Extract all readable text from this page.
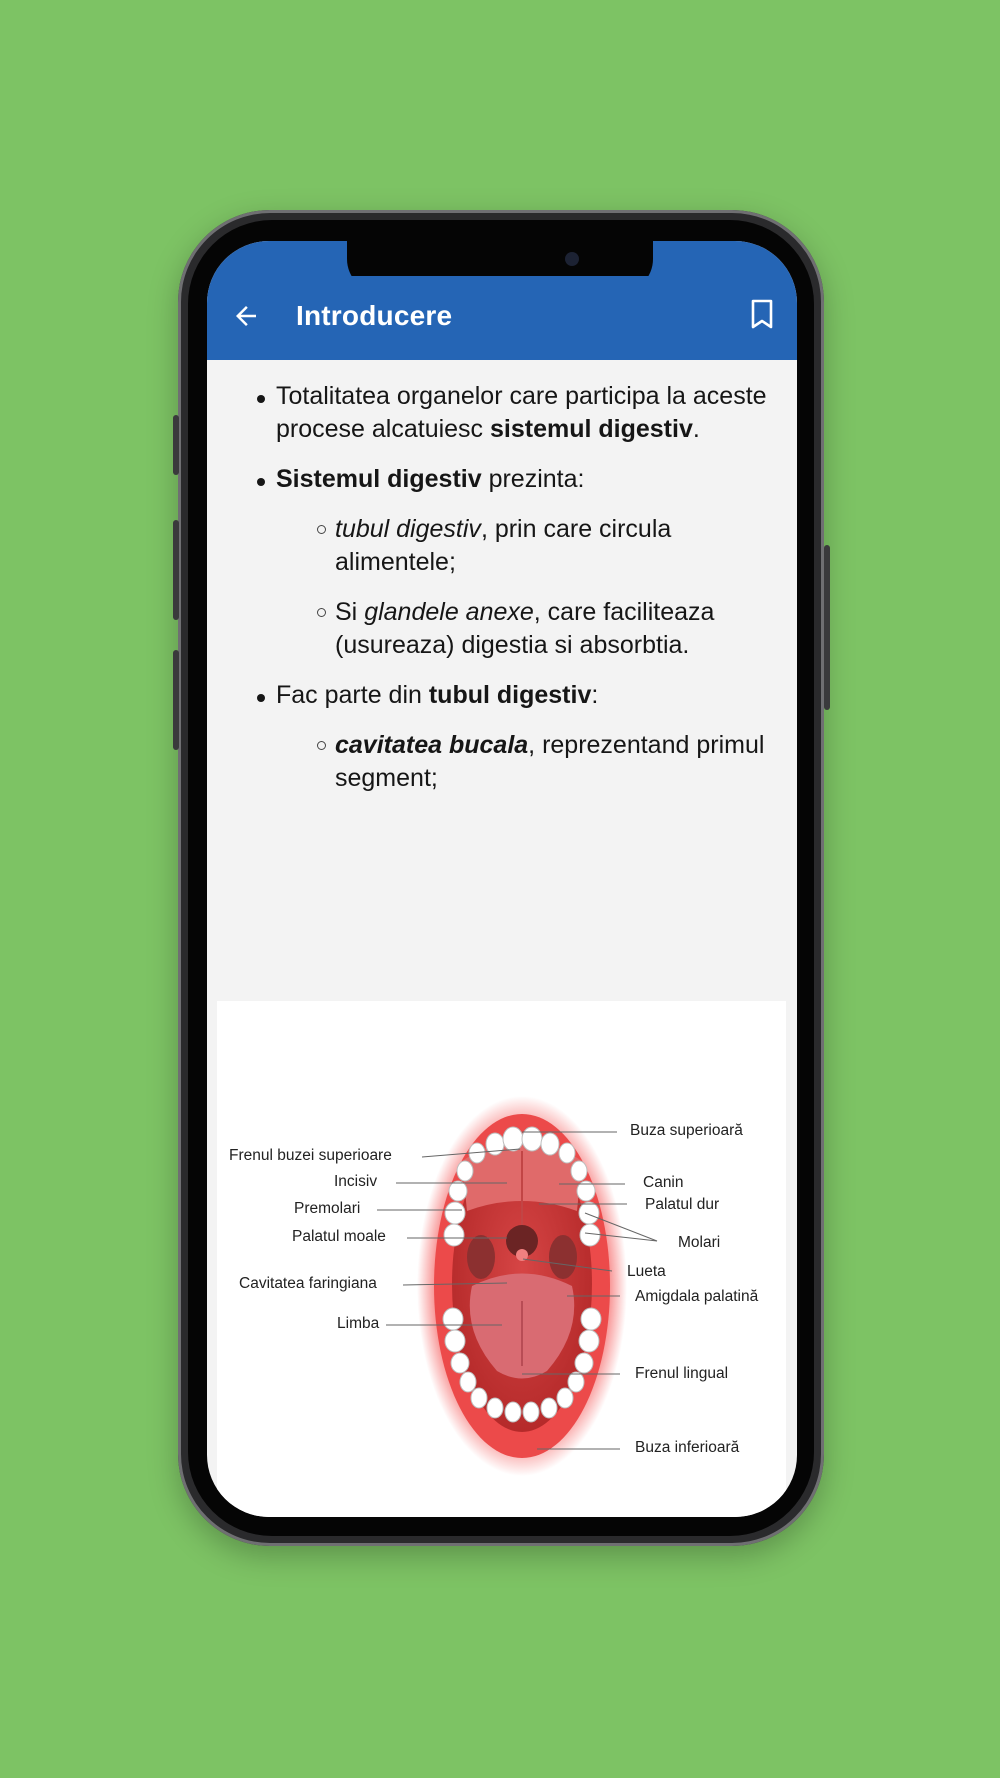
Introducere
Totalitatea organelor care participa la aceste procese alcatuiesc sistemul digestiv.
Sistemul digestiv prezinta:
tubul digestiv, prin care circula alimentele;
Si glandele anexe, care faciliteaza (usureaza) digestia si absorbtia.
Fac parte din tubul digestiv:
cavitatea bucala, reprezentand primul segment;
Frenul buzei superioare
Incisiv
Premolari
Palatul moale
Cavitatea faringiana
Limba
Buza superioară
Canin
Palatul dur
Molari
Lueta
Amigdala palatină
Frenul lingual
Buza inferioară
